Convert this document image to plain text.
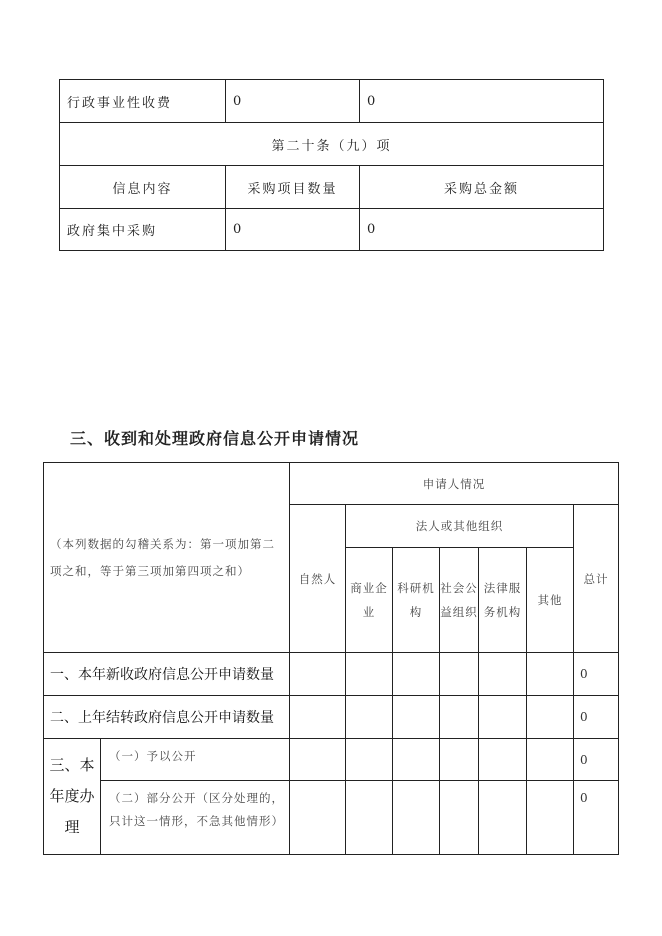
行政事业性收费	0	0
第二十条（九）项		
信息内容	采购项目数量	采购总金额
政府集中采购	0	0
三、收到和处理政府信息公开申请情况
（本列数据的勾稽关系为：第一项加第二项之和，等于第三项加第四项之和）		申请人情况						
		自然人	法人或其他组织					总计
			商业企业	科研机构	社会公益组织	法律服务机构	其他	
一、本年新收政府信息公开申请数量								0
二、上年结转政府信息公开申请数量								0
三、本年度办理	（一）予以公开							0
	（二）部分公开（区分处理的，只计这一情形，不急其他情形）							0
